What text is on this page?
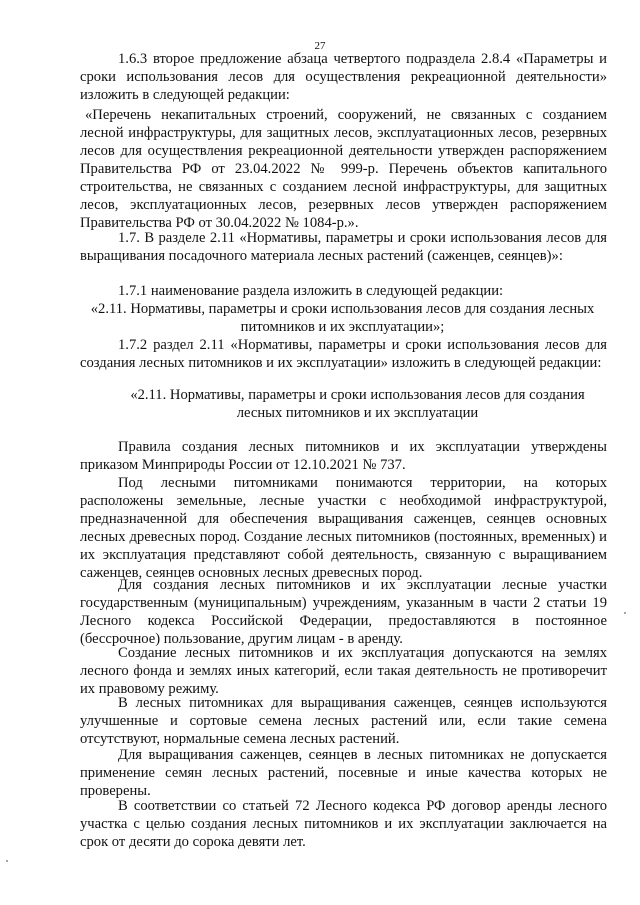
27

1.6.3 второе предложение абзаца четвертого подраздела 2.8.4 «Параметры и сроки использования лесов для осуществления рекреационной деятельности» изложить в следующей редакции:

«Перечень некапитальных строений, сооружений, не связанных с созданием лесной инфраструктуры, для защитных лесов, эксплуатационных лесов, резервных лесов для осуществления рекреационной деятельности утвержден распоряжением Правительства РФ от 23.04.2022 № 999-р. Перечень объектов капитального строительства, не связанных с созданием лесной инфраструктуры, для защитных лесов, эксплуатационных лесов, резервных лесов утвержден распоряжением Правительства РФ от 30.04.2022 № 1084-р.».

1.7. В разделе 2.11 «Нормативы, параметры и сроки использования лесов для выращивания посадочного материала лесных растений (саженцев, сеянцев)»:

1.7.1 наименование раздела изложить в следующей редакции:

«2.11. Нормативы, параметры и сроки использования лесов для создания лесных питомников и их эксплуатации»;

1.7.2 раздел 2.11 «Нормативы, параметры и сроки использования лесов для создания лесных питомников и их эксплуатации» изложить в следующей редакции:

«2.11. Нормативы, параметры и сроки использования лесов для создания лесных питомников и их эксплуатации

Правила создания лесных питомников и их эксплуатации утверждены приказом Минприроды России от 12.10.2021 № 737.

Под лесными питомниками понимаются территории, на которых расположены земельные, лесные участки с необходимой инфраструктурой, предназначенной для обеспечения выращивания саженцев, сеянцев основных лесных древесных пород. Создание лесных питомников (постоянных, временных) и их эксплуатация представляют собой деятельность, связанную с выращиванием саженцев, сеянцев основных лесных древесных пород.

Для создания лесных питомников и их эксплуатации лесные участки государственным (муниципальным) учреждениям, указанным в части 2 статьи 19 Лесного кодекса Российской Федерации, предоставляются в постоянное (бессрочное) пользование, другим лицам - в аренду.

Создание лесных питомников и их эксплуатация допускаются на землях лесного фонда и землях иных категорий, если такая деятельность не противоречит их правовому режиму.

В лесных питомниках для выращивания саженцев, сеянцев используются улучшенные и сортовые семена лесных растений или, если такие семена отсутствуют, нормальные семена лесных растений.

Для выращивания саженцев, сеянцев в лесных питомниках не допускается применение семян лесных растений, посевные и иные качества которых не проверены.

В соответствии со статьей 72 Лесного кодекса РФ договор аренды лесного участка с целью создания лесных питомников и их эксплуатации заключается на срок от десяти до сорока девяти лет.
